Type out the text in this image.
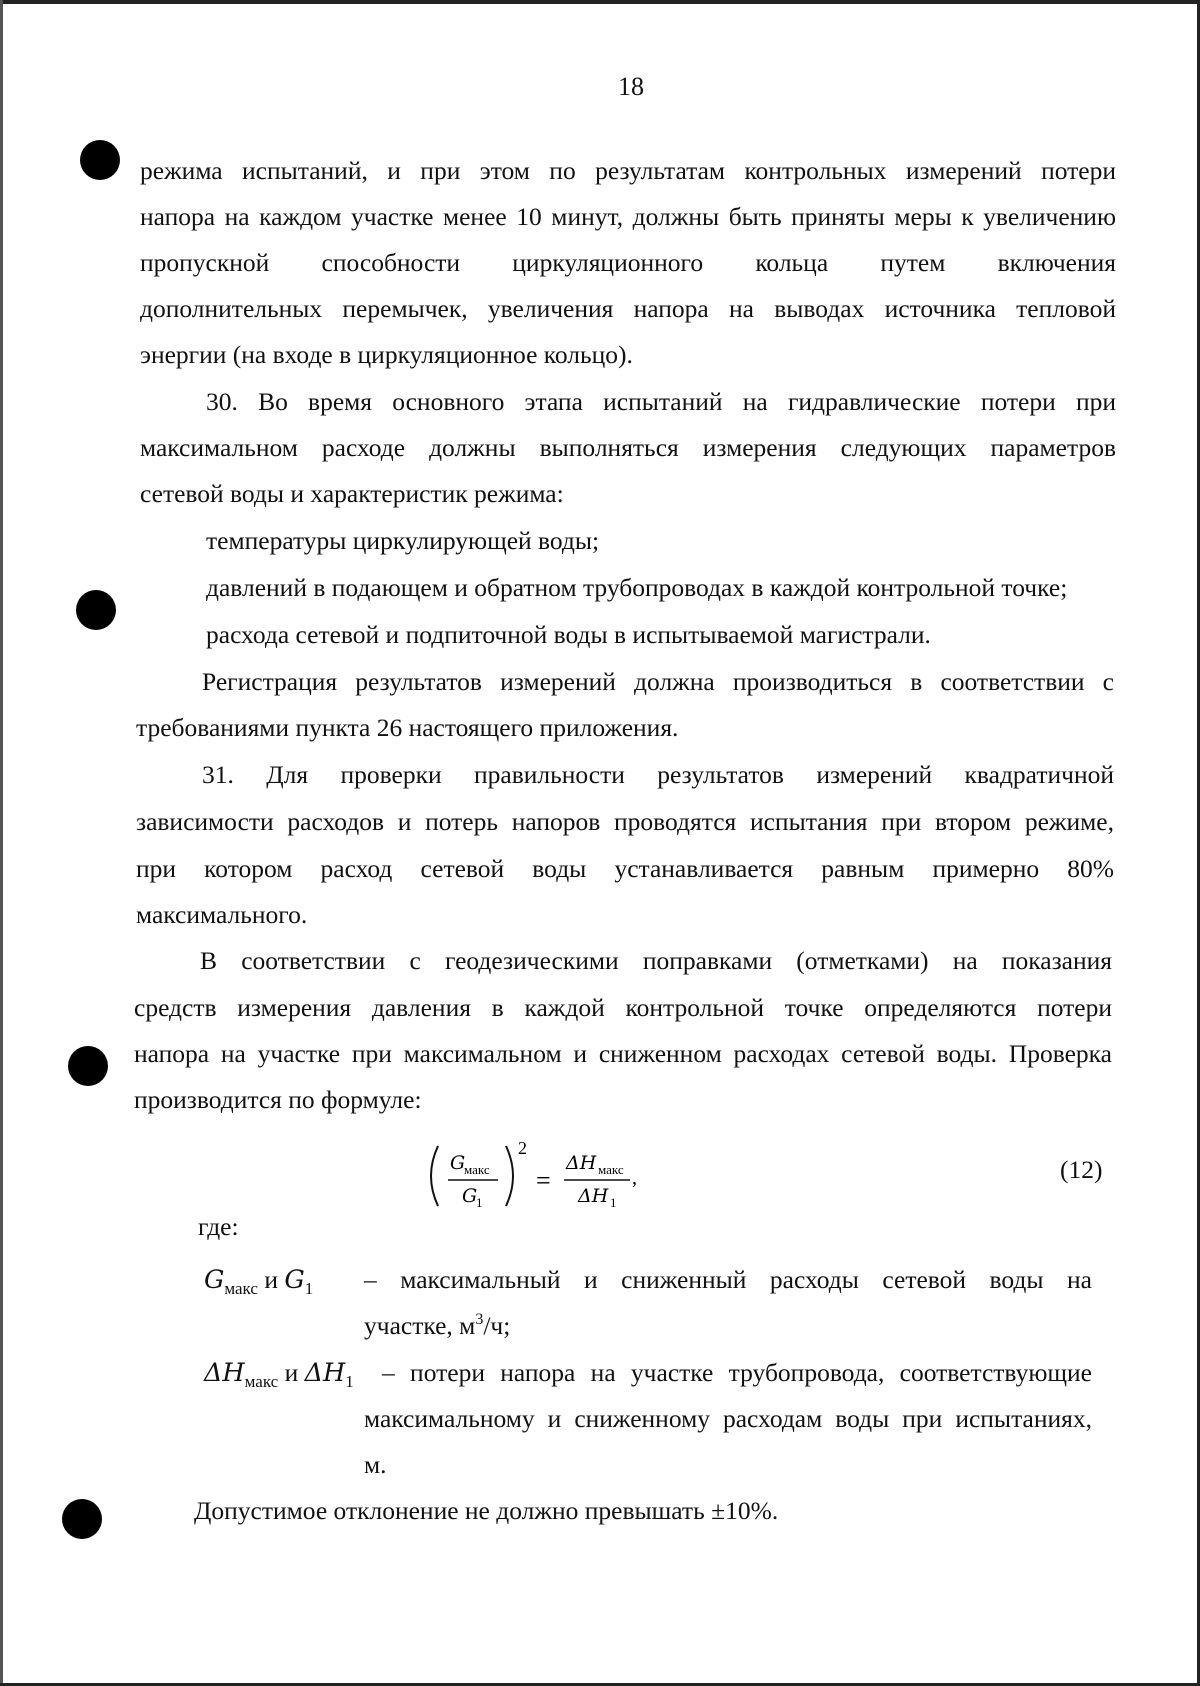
18
режима испытаний, и при этом по результатам контрольных измерений потери
напора на каждом участке менее 10 минут, должны быть приняты меры к увеличению
пропускной способности циркуляционного кольца путем включения
дополнительных перемычек, увеличения напора на выводах источника тепловой
энергии (на входе в циркуляционное кольцо).
30. Во время основного этапа испытаний на гидравлические потери при
максимальном расходе должны выполняться измерения следующих параметров
сетевой воды и характеристик режима:
температуры циркулирующей воды;
давлений в подающем и обратном трубопроводах в каждой контрольной точке;
расхода сетевой и подпиточной воды в испытываемой магистрали.
Регистрация результатов измерений должна производиться в соответствии с
требованиями пункта 26 настоящего приложения.
31. Для проверки правильности результатов измерений квадратичной
зависимости расходов и потерь напоров проводятся испытания при втором режиме,
при котором расход сетевой воды устанавливается равным примерно 80%
максимального.
В соответствии с геодезическими поправками (отметками) на показания
средств измерения давления в каждой контрольной точке определяются потери
напора на участке при максимальном и сниженном расходах сетевой воды. Проверка
производится по формуле:
G
макс
G
1
2
=
ΔH макс
ΔH 1
,	(12)
где:
$G_{макс}$ и $G_1$ – максимальный и сниженный расходы сетевой воды на
участке, $м^3/ч$;
$\Delta H_{макс}$ и $\Delta H_1$ – потери напора на участке трубопровода, соответствующие
максимальному и сниженному расходам воды при испытаниях,
м.
Допустимое отклонение не должно превышать ±10%.
